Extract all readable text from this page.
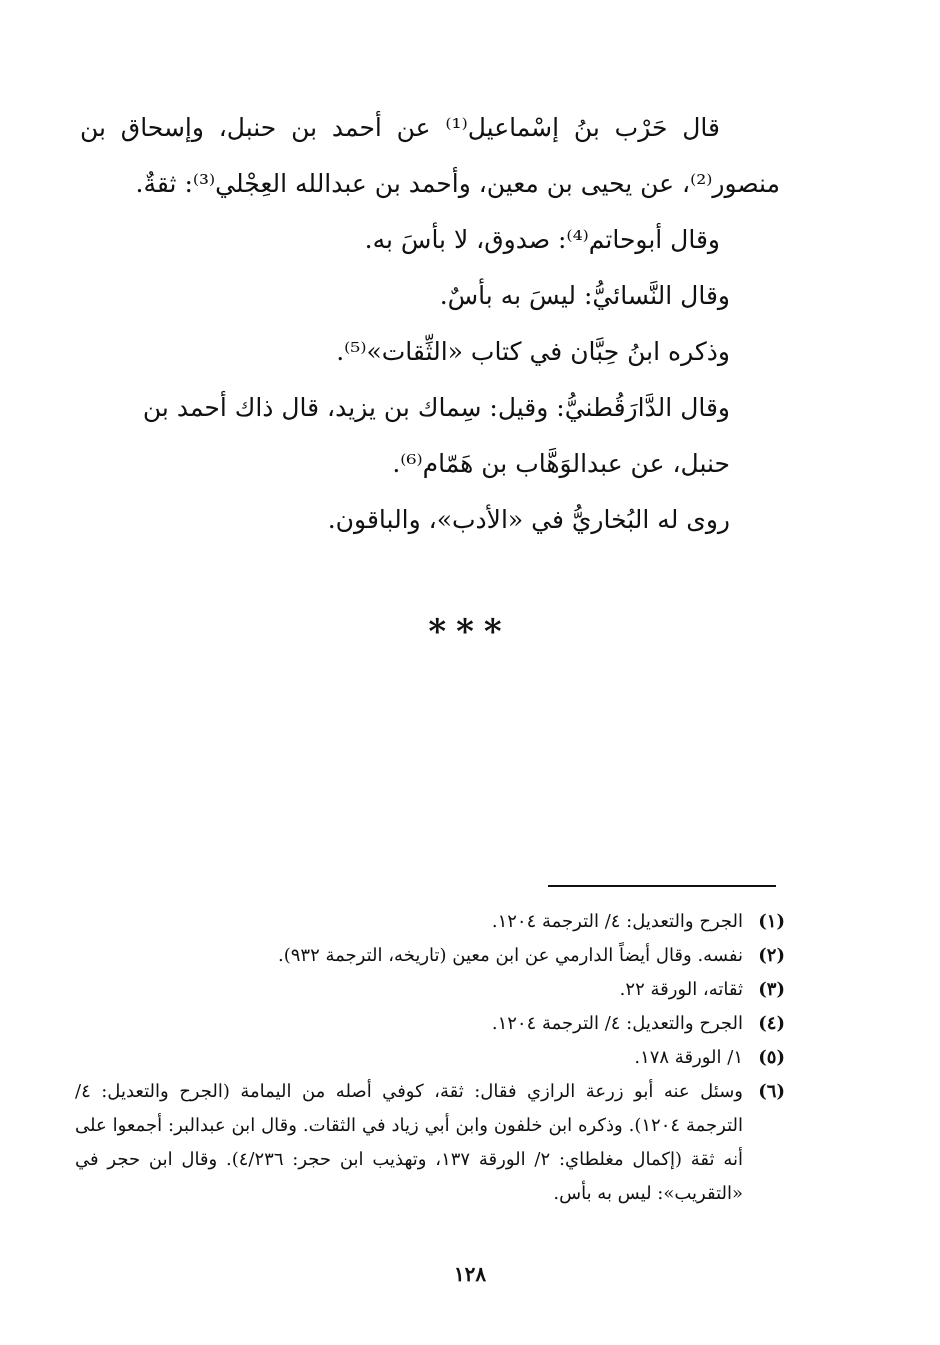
قال حَرْب بنُ إسْماعيل⁽¹⁾ عن أحمد بن حنبل، وإسحاق بن منصور⁽²⁾، عن يحيى بن معين، وأحمد بن عبدالله العِجْلي⁽³⁾: ثقةٌ.

وقال أبوحاتم⁽⁴⁾: صدوق، لا بأسَ به.

وقال النَّسائيُّ: ليسَ به بأسٌ.

وذكره ابنُ حِبَّان في كتاب «الثِّقات»⁽⁵⁾.

وقال الدَّارَقُطنيُّ: وقيل: سِماك بن يزيد، قال ذاك أحمد بن حنبل، عن عبدالوَهَّاب بن هَمّام⁽⁶⁾.

روى له البُخاريُّ في «الأدب»، والباقون.

***
(١)
الجرح والتعديل: ٤/ الترجمة ١٢٠٤.
(٢)
نفسه. وقال أيضاً الدارمي عن ابن معين (تاريخه، الترجمة ٩٣٢).
(٣)
ثقاته، الورقة ٢٢.
(٤)
الجرح والتعديل: ٤/ الترجمة ١٢٠٤.
(٥)
١/ الورقة ١٧٨.
(٦)
وسئل عنه أبو زرعة الرازي فقال: ثقة، كوفي أصله من اليمامة (الجرح والتعديل: ٤/ الترجمة ١٢٠٤). وذكره ابن خلفون وابن أبي زياد في الثقات. وقال ابن عبدالبر: أجمعوا على أنه ثقة (إكمال مغلطاي: ٢/ الورقة ١٣٧، وتهذيب ابن حجر: ٤/٢٣٦). وقال ابن حجر في «التقريب»: ليس به بأس.
١٢٨
